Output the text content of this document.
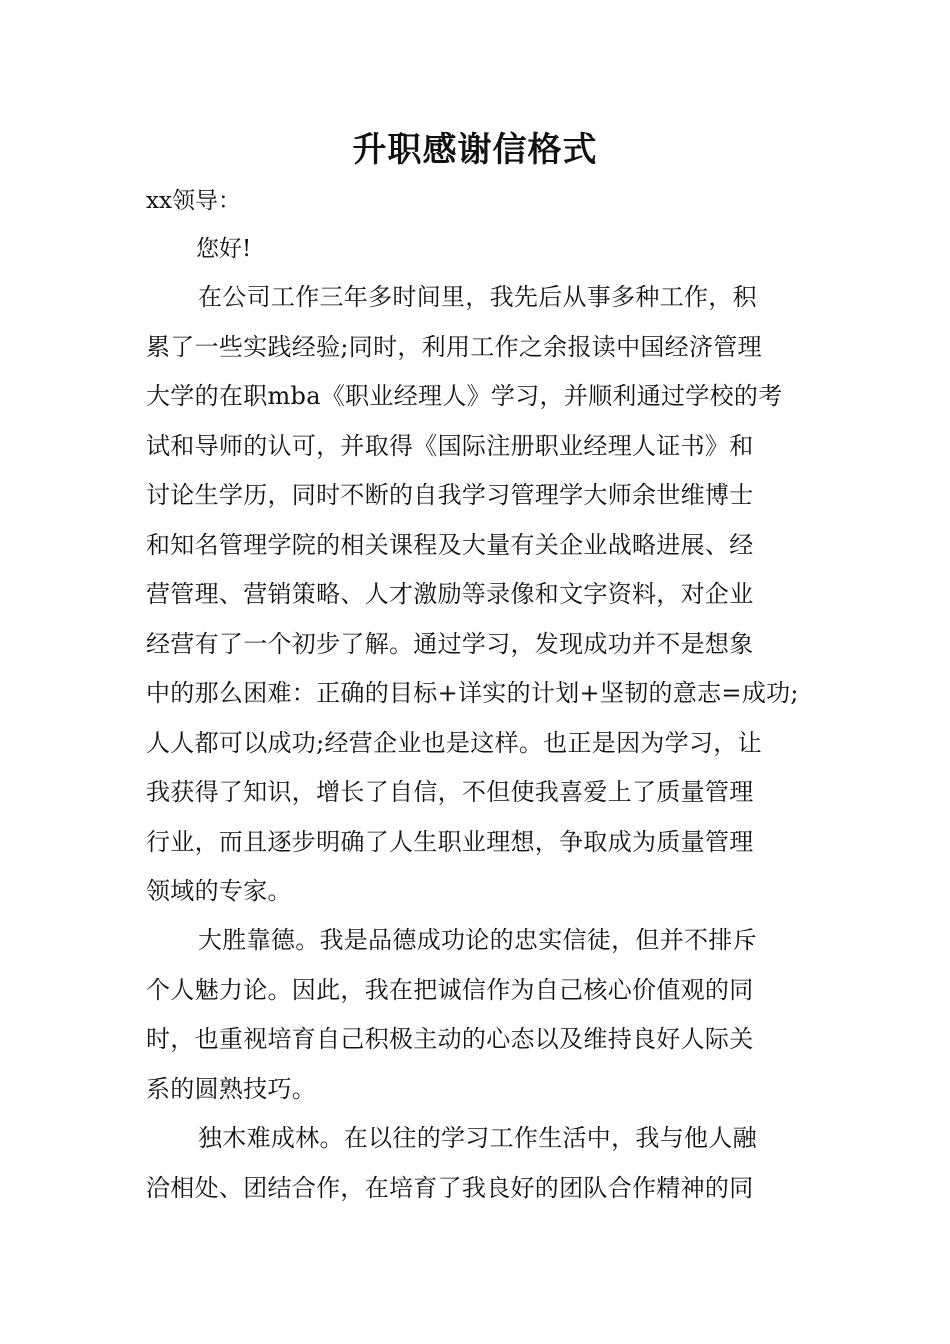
升职感谢信格式
xx领导：
您好!
在公司工作三年多时间里，我先后从事多种工作，积
累了一些实践经验;同时，利用工作之余报读中国经济管理
大学的在职mba《职业经理人》学习，并顺利通过学校的考
试和导师的认可，并取得《国际注册职业经理人证书》和
讨论生学历，同时不断的自我学习管理学大师余世维博士
和知名管理学院的相关课程及大量有关企业战略进展、经
营管理、营销策略、人才激励等录像和文字资料，对企业
经营有了一个初步了解。通过学习，发现成功并不是想象
中的那么困难：正确的目标+详实的计划+坚韧的意志=成功;
人人都可以成功;经营企业也是这样。也正是因为学习，让
我获得了知识，增长了自信，不但使我喜爱上了质量管理
行业，而且逐步明确了人生职业理想，争取成为质量管理
领域的专家。
大胜靠德。我是品德成功论的忠实信徒，但并不排斥
个人魅力论。因此，我在把诚信作为自己核心价值观的同
时，也重视培育自己积极主动的心态以及维持良好人际关
系的圆熟技巧。
独木难成林。在以往的学习工作生活中，我与他人融
洽相处、团结合作，在培育了我良好的团队合作精神的同
